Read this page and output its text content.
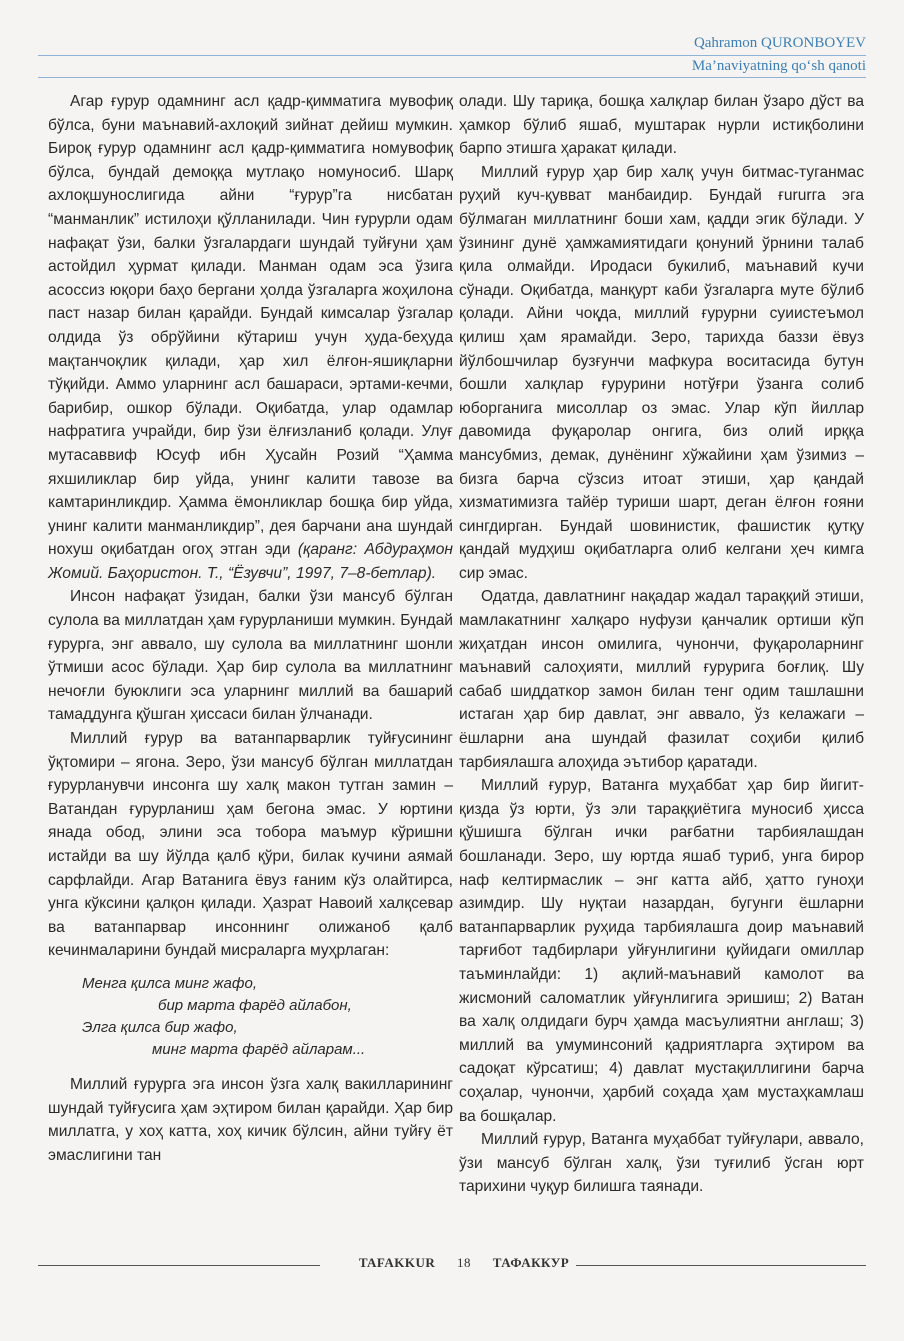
Qahramon QURONBOYEV
Ma’naviyatning qo‘sh qanoti

Агар ғурур одамнинг асл қадр-қимматига мувофиқ бўлса, буни маънавий-ахлоқий зийнат дейиш мумкин. Бироқ ғурур одамнинг асл қадр-қимматига номувофиқ бўлса, бундай демоққа мутлақо номуносиб. Шарқ ахлоқшунослигида айни “ғурур”га нисбатан “манманлик” истилоҳи қўлланилади. Чин ғурурли одам нафақат ўзи, балки ўзгалардаги шундай туйғуни ҳам астойдил ҳурмат қилади. Манман одам эса ўзига асоссиз юқори баҳо бергани ҳолда ўзгаларга жоҳилона паст назар билан қарайди. Бундай кимсалар ўзгалар олдида ўз обрўйини кўтариш учун ҳуда-беҳуда мақтанчоқлик қилади, ҳар хил ёлғон-яшиқларни тўқийди. Аммо уларнинг асл башараси, эртами-кечми, барибир, ошкор бўлади. Оқибатда, улар одамлар нафратига учрайди, бир ўзи ёлғизланиб қолади. Улуғ мутасаввиф Юсуф ибн Ҳусайн Розий “Ҳамма яхшиликлар бир уйда, унинг калити тавозе ва камтаринликдир. Ҳамма ёмонликлар бошқа бир уйда, унинг калити манманликдир”, дея барчани ана шундай нохуш оқибатдан огоҳ этган эди (қаранг: Абдураҳмон Жомий. Баҳористон. Т., “Ёзувчи”, 1997, 7–8-бетлар).

Инсон нафақат ўзидан, балки ўзи мансуб бўлган сулола ва миллатдан ҳам ғурурланиши мумкин. Бундай ғурурга, энг аввало, шу сулола ва миллатнинг шонли ўтмиши асос бўлади. Ҳар бир сулола ва миллатнинг нечоғли буюклиги эса уларнинг миллий ва башарий тамаддунга қўшган ҳиссаси билан ўлчанади.

Миллий ғурур ва ватанпарварлик туйғусининг ўқтомири – ягона. Зеро, ўзи мансуб бўлган миллатдан ғурурланувчи инсонга шу халқ макон тутган замин – Ватандан ғурурланиш ҳам бегона эмас. У юртини янада обод, элини эса тобора маъмур кўришни истайди ва шу йўлда қалб қўри, билак кучини аямай сарфлайди. Агар Ватанига ёвуз ғаним кўз олайтирса, унга кўксини қалқон қилади. Ҳазрат Навоий халқсевар ва ватанпарвар инсоннинг олижаноб қалб кечинмаларини бундай мисраларга муҳрлаган:

Менга қилса минг жафо,
бир марта фарёд айлабон,
Элга қилса бир жафо,
минг марта фарёд айларам...

Миллий ғурурга эга инсон ўзга халқ вакилларининг шундай туйғусига ҳам эҳтиром билан қарайди. Ҳар бир миллатга, у хоҳ катта, хоҳ кичик бўлсин, айни туйғу ёт эмаслигини тан

олади. Шу тариқа, бошқа халқлар билан ўзаро дўст ва ҳамкор бўлиб яшаб, муштарак нурли истиқболини барпо этишга ҳаракат қилади.

Миллий ғурур ҳар бир халқ учун битмас-туганмас руҳий куч-қувват манбаидир. Бундай ғururга эга бўлмаган миллатнинг боши хам, қадди эгик бўлади. У ўзининг дунё ҳамжамиятидаги қонуний ўрнини талаб қила олмайди. Иродаси букилиб, маънавий кучи сўнади. Оқибатда, манқурт каби ўзгаларга муте бўлиб қолади. Айни чоқда, миллий ғурурни суиистеъмол қилиш ҳам ярамайди. Зеро, тарихда баззи ёвуз йўлбошчилар бузғунчи мафкура воситасида бутун бошли халқлар ғурурини нотўғри ўзанга солиб юборганига мисоллар оз эмас. Улар кўп йиллар давомида фуқаролар онгига, биз олий ирққа мансубмиз, демак, дунёнинг хўжайини ҳам ўзимиз – бизга барча сўзсиз итоат этиши, ҳар қандай хизматимизга тайёр туриши шарт, деган ёлғон ғояни сингдирган. Бундай шовинистик, фашистик қутқу қандай мудҳиш оқибатларга олиб келгани ҳеч кимга сир эмас.

Одатда, давлатнинг нақадар жадал тараққий этиши, мамлакатнинг халқаро нуфузи қанчалик ортиши кўп жиҳатдан инсон омилига, чунончи, фуқароларнинг маънавий салоҳияти, миллий ғурурига боғлиқ. Шу сабаб шиддаткор замон билан тенг одим ташлашни истаган ҳар бир давлат, энг аввало, ўз келажаги – ёшларни ана шундай фазилат соҳиби қилиб тарбиялашга алоҳида эътибор қаратади.

Миллий ғурур, Ватанга муҳаббат ҳар бир йигит-қизда ўз юрти, ўз эли тараққиётига муносиб ҳисса қўшишга бўлган ички рағбатни тарбиялашдан бошланади. Зеро, шу юртда яшаб туриб, унга бирор наф келтирмаслик – энг катта айб, ҳатто гуноҳи азимдир. Шу нуқтаи назардан, бугунги ёшларни ватанпарварлик руҳида тарбиялашга доир маънавий тарғибот тадбирлари уйғунлигини қуйидаги омиллар таъминлайди: 1) ақлий-маънавий камолот ва жисмоний саломатлик уйғунлигига эришиш; 2) Ватан ва халқ олдидаги бурч ҳамда масъулиятни англаш; 3) миллий ва умуминсоний қадриятларга эҳтиром ва садоқат кўрсатиш; 4) давлат мустақиллигини барча соҳалар, чунончи, ҳарбий соҳада ҳам мустаҳкамлаш ва бошқалар.

Миллий ғурур, Ватанга муҳаббат туйғулари, аввало, ўзи мансуб бўлган халқ, ўзи туғилиб ўсган юрт тарихини чуқур билишга таянади.

TAFAKKUR 18 ТАФАККУР
